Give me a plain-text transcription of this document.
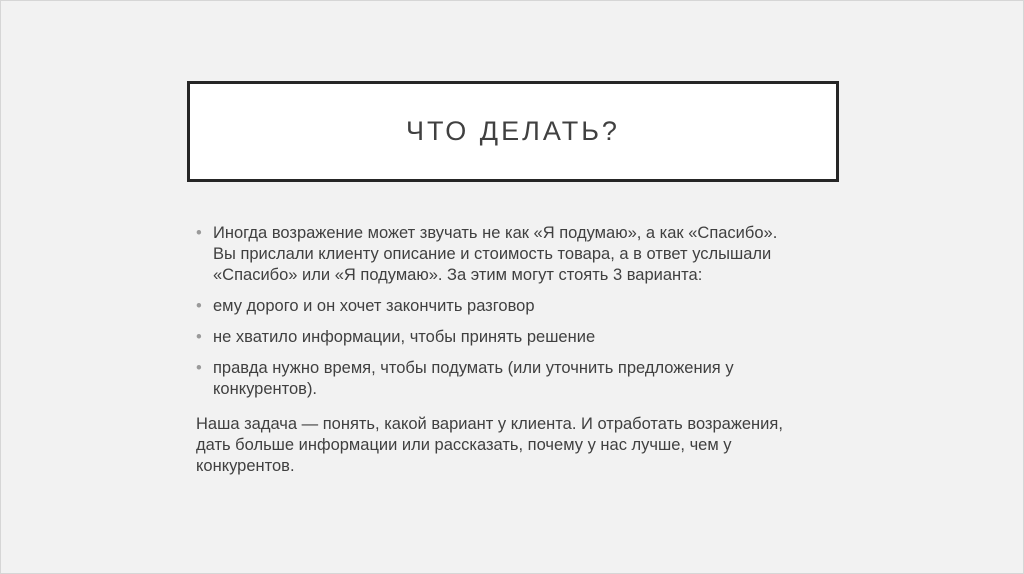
ЧТО ДЕЛАТЬ?
• Иногда возражение может звучать не как «Я подумаю», а как «Спасибо».
Вы прислали клиенту описание и стоимость товара, а в ответ услышали
«Спасибо» или «Я подумаю». За этим могут стоять 3 варианта:
• ему дорого и он хочет закончить разговор
• не хватило информации, чтобы принять решение
• правда нужно время, чтобы подумать (или уточнить предложения у
конкурентов).

Наша задача — понять, какой вариант у клиента. И отработать возражения,
дать больше информации или рассказать, почему у нас лучше, чем у
конкурентов.
